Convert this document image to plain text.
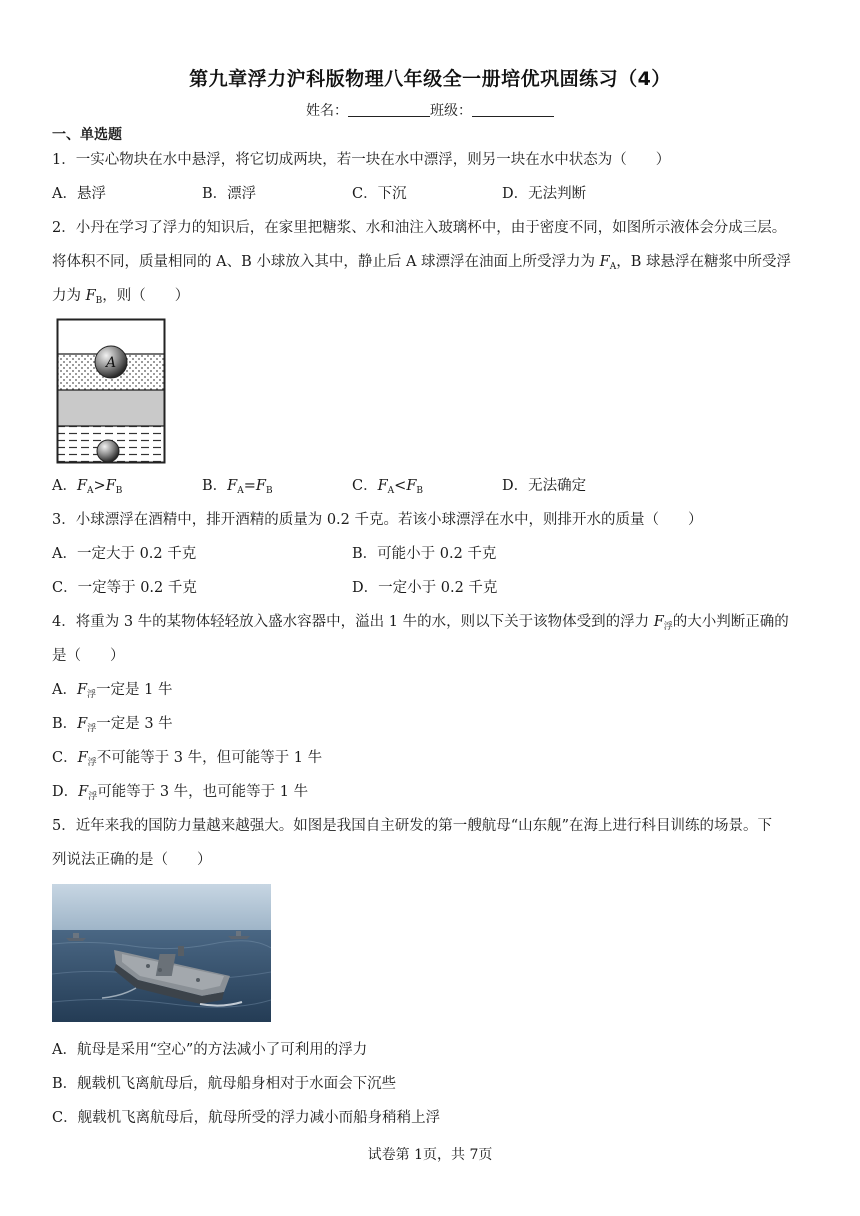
第九章浮力沪科版物理八年级全一册培优巩固练习（4）
姓名：	班级：
一、单选题
1．一实心物块在水中悬浮，将它切成两块，若一块在水中漂浮，则另一块在水中状态为（　　）
A．悬浮	B．漂浮	C．下沉	D．无法判断
2．小丹在学习了浮力的知识后，在家里把糖浆、水和油注入玻璃杯中，由于密度不同，如图所示液体会分成三层。
将体积不同，质量相同的 A、B 小球放入其中，静止后 A 球漂浮在油面上所受浮力为 $F_A$，B 球悬浮在糖浆中所受浮
力为 $F_B$，则（　　）
A
A．$F_A>F_B$	B．$F_A=F_B$	C．$F_A<F_B$	D．无法确定
3．小球漂浮在酒精中，排开酒精的质量为 0.2 千克。若该小球漂浮在水中，则排开水的质量（　　）
A．一定大于 0.2 千克	B．可能小于 0.2 千克
C．一定等于 0.2 千克	D．一定小于 0.2 千克
4．将重为 3 牛的某物体轻轻放入盛水容器中，溢出 1 牛的水，则以下关于该物体受到的浮力 $F_浮$的大小判断正确的
是（　　）
A．$F_浮$一定是 1 牛
B．$F_浮$一定是 3 牛
C．$F_浮$不可能等于 3 牛，但可能等于 1 牛
D．$F_浮$可能等于 3 牛，也可能等于 1 牛
5．近年来我的国防力量越来越强大。如图是我国自主研发的第一艘航母“山东舰”在海上进行科目训练的场景。下
列说法正确的是（　　）
A．航母是采用“空心”的方法减小了可利用的浮力
B．舰载机飞离航母后，航母船身相对于水面会下沉些
C．舰载机飞离航母后，航母所受的浮力减小而船身稍稍上浮
试卷第 1页，共 7页
